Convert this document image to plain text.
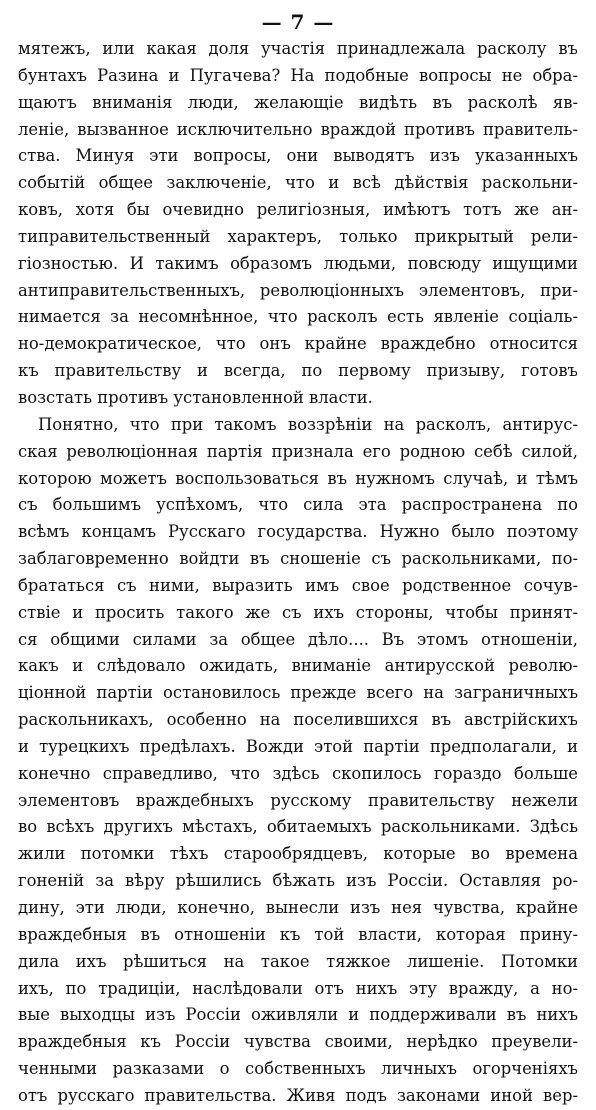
— 7 —
мятежъ, или какая доля участія принадлежала расколу въ
бунтахъ Разина и Пугачева? На подобные вопросы не обра-
щаютъ вниманія люди, желающіе видѣть въ расколѣ яв-
леніе, вызванное исключительно враждой противъ правитель-
ства. Минуя эти вопросы, они выводятъ изъ указанныхъ
событій общее заключеніе, что и всѣ дѣйствія раскольни-
ковъ, хотя бы очевидно религіозныя, имѣютъ тотъ же ан-
типравительственный характеръ, только прикрытый рели-
гіозностью. И такимъ образомъ людьми, повсюду ищущими
антиправительственныхъ, революціонныхъ элементовъ, при-
нимается за несомнѣнное, что расколъ есть явленіе соціаль-
но-демократическое, что онъ крайне враждебно относится
къ правительству и всегда, по первому призыву, готовъ
возстать противъ установленной власти.
Понятно, что при такомъ воззрѣніи на расколъ, антирус-
ская революціонная партія признала его родною себѣ силой,
которою можетъ воспользоваться въ нужномъ случаѣ, и тѣмъ
съ большимъ успѣхомъ, что сила эта распространена по
всѣмъ концамъ Русскаго государства. Нужно было поэтому
заблаговременно войдти въ сношеніе съ раскольниками, по-
брататься съ ними, выразить имъ свое родственное сочув-
ствіе и просить такого же съ ихъ стороны, чтобы принят-
ся общими силами за общее дѣло.... Въ этомъ отношеніи,
какъ и слѣдовало ожидать, вниманіе антирусской револю-
ціонной партіи остановилось прежде всего на заграничныхъ
раскольникахъ, особенно на поселившихся въ австрійскихъ
и турецкихъ предѣлахъ. Вожди этой партіи предполагали, и
конечно справедливо, что здѣсь скопилось гораздо больше
элементовъ враждебныхъ русскому правительству нежели
во всѣхъ другихъ мѣстахъ, обитаемыхъ раскольниками. Здѣсь
жили потомки тѣхъ старообрядцевъ, которые во времена
гоненій за вѣру рѣшились бѣжать изъ Россіи. Оставляя ро-
дину, эти люди, конечно, вынесли изъ нея чувства, крайне
враждебныя въ отношеніи къ той власти, которая прину-
дила ихъ рѣшиться на такое тяжкое лишеніе. Потомки
ихъ, по традиціи, наслѣдовали отъ нихъ эту вражду, а но-
вые выходцы изъ Россіи оживляли и поддерживали въ нихъ
враждебныя къ Россіи чувства своими, нерѣдко преувели-
ченными разказами о собственныхъ личныхъ огорченіяхъ
отъ русскаго правительства. Живя подъ законами иной вер-
